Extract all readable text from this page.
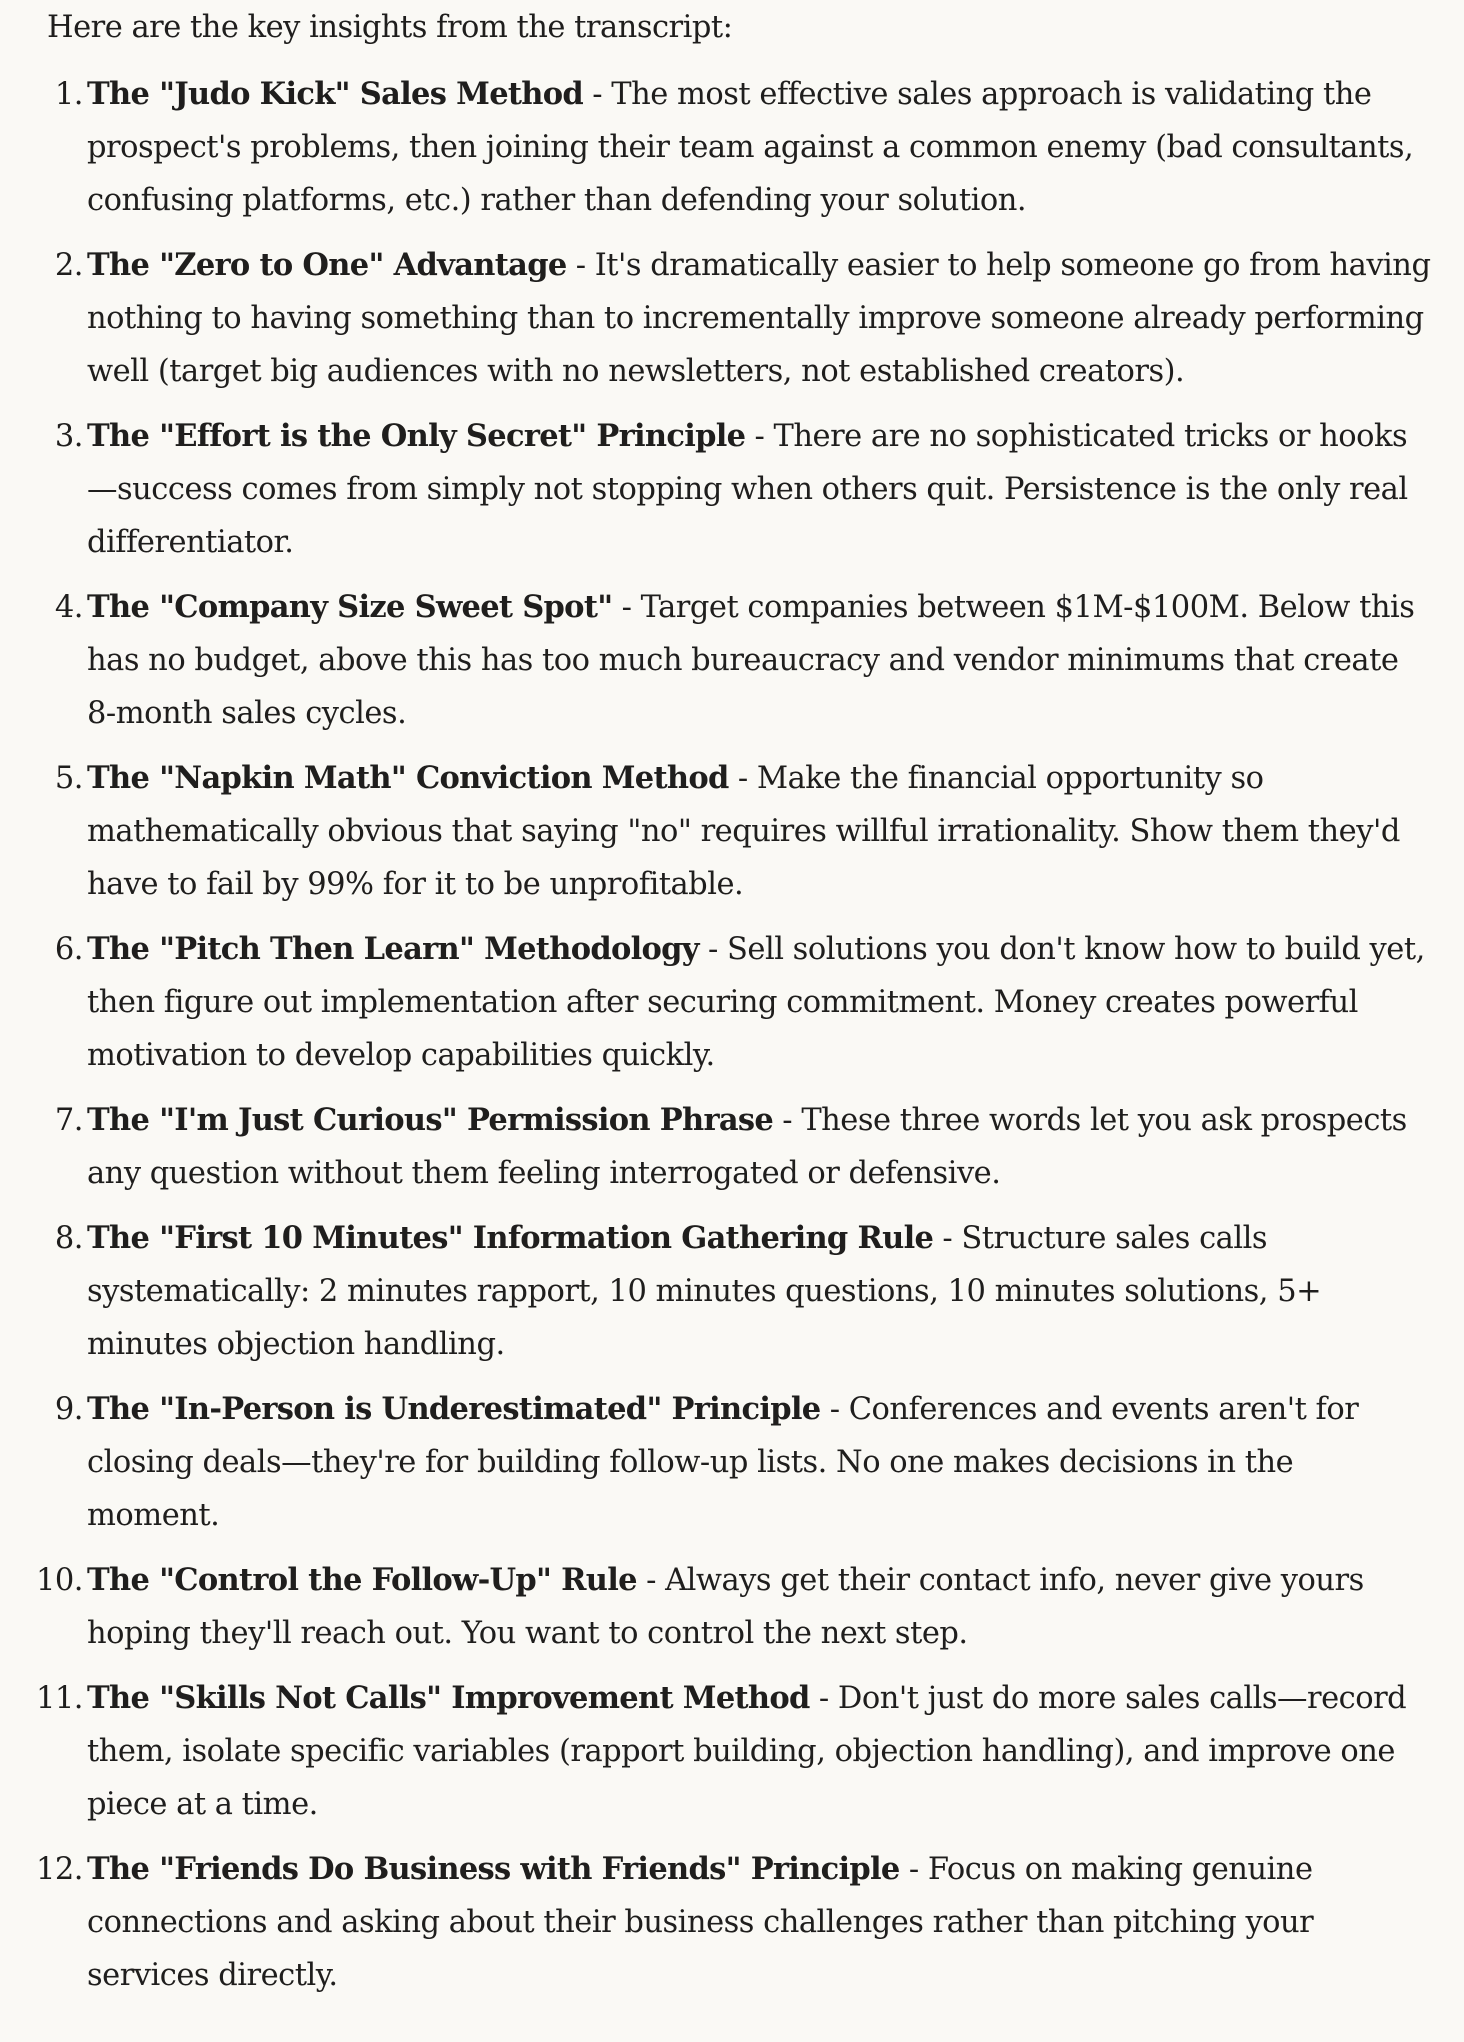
Here are the key insights from the transcript:

1. The "Judo Kick" Sales Method - The most effective sales approach is validating the prospect's problems, then joining their team against a common enemy (bad consultants, confusing platforms, etc.) rather than defending your solution.
2. The "Zero to One" Advantage - It's dramatically easier to help someone go from having nothing to having something than to incrementally improve someone already performing well (target big audiences with no newsletters, not established creators).
3. The "Effort is the Only Secret" Principle - There are no sophisticated tricks or hooks—success comes from simply not stopping when others quit. Persistence is the only real differentiator.
4. The "Company Size Sweet Spot" - Target companies between $1M-$100M. Below this has no budget, above this has too much bureaucracy and vendor minimums that create 8-month sales cycles.
5. The "Napkin Math" Conviction Method - Make the financial opportunity so mathematically obvious that saying "no" requires willful irrationality. Show them they'd have to fail by 99% for it to be unprofitable.
6. The "Pitch Then Learn" Methodology - Sell solutions you don't know how to build yet, then figure out implementation after securing commitment. Money creates powerful motivation to develop capabilities quickly.
7. The "I'm Just Curious" Permission Phrase - These three words let you ask prospects any question without them feeling interrogated or defensive.
8. The "First 10 Minutes" Information Gathering Rule - Structure sales calls systematically: 2 minutes rapport, 10 minutes questions, 10 minutes solutions, 5+ minutes objection handling.
9. The "In-Person is Underestimated" Principle - Conferences and events aren't for closing deals—they're for building follow-up lists. No one makes decisions in the moment.
10. The "Control the Follow-Up" Rule - Always get their contact info, never give yours hoping they'll reach out. You want to control the next step.
11. The "Skills Not Calls" Improvement Method - Don't just do more sales calls—record them, isolate specific variables (rapport building, objection handling), and improve one piece at a time.
12. The "Friends Do Business with Friends" Principle - Focus on making genuine connections and asking about their business challenges rather than pitching your services directly.
